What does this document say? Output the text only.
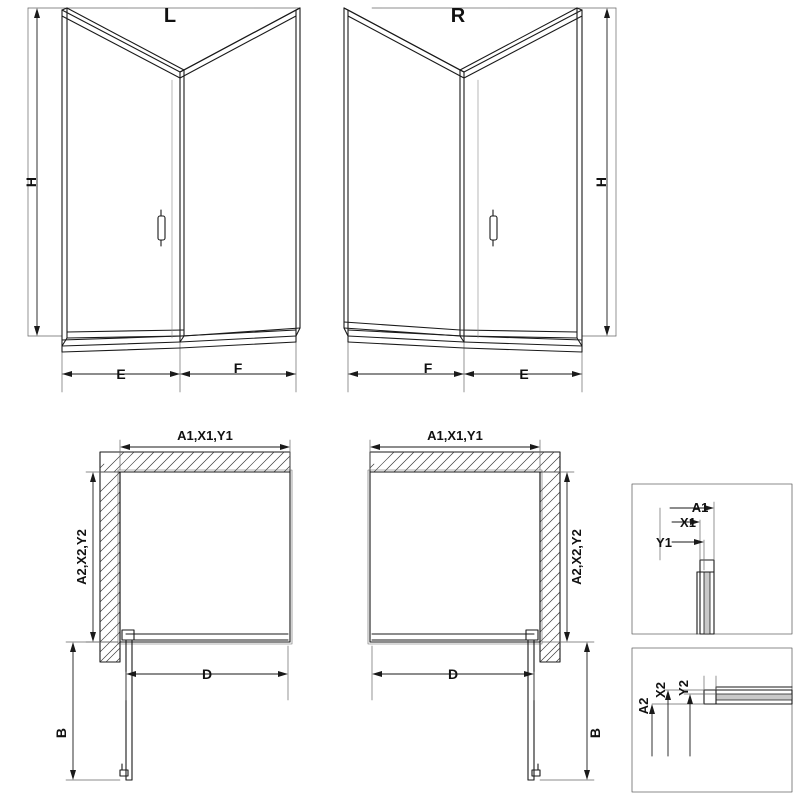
L	R
H
E	F
H
F	E
A1,X1,Y1
A2,X2,Y2
D
B
A1,X1,Y1
A2,X2,Y2
D
B
A1
X1
Y1
A2
X2 Y2
